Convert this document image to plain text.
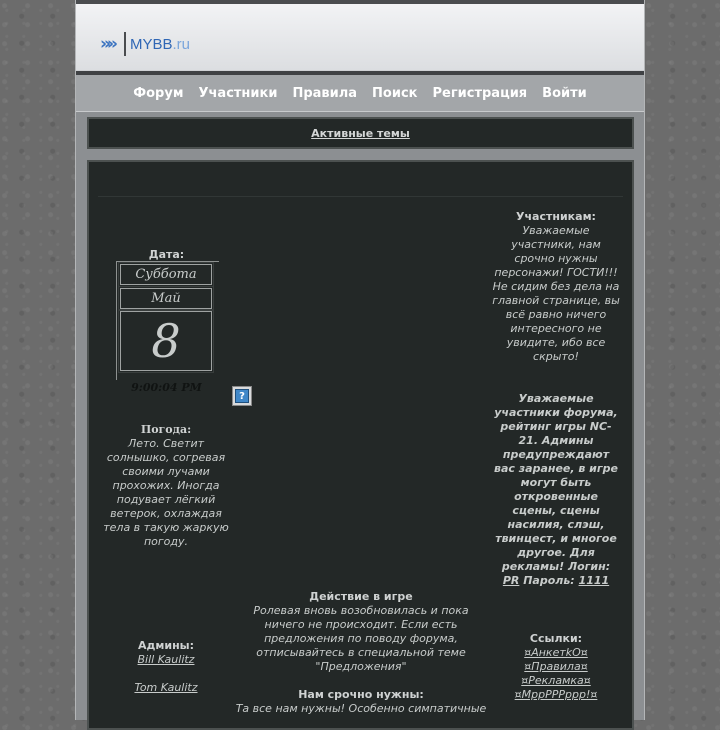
» » MYBB.ru
Форум Участники Правила Поиск Регистрация Войти
Активные темы
Дата:
Суббота
Май
8
9:00:04 PM
?
Погода:
Лето. Светит солнышко, согревая своими лучами прохожих. Иногда подувает лёгкий ветерок, охлаждая тела в такую жаркую погоду.
Админы:
Bill Kaulitz
Tom Kaulitz
Действие в игре
Ролевая вновь возобновилась и пока ничего не происходит. Если есть предложения по поводу форума, отписывайтесь в специальной теме "Предложения"
Нам срочно нужны:
Та все нам нужны! Особенно симпатичные
Участникам:
Уважаемые участники, нам срочно нужны персонажи! ГОСТИ!!! Не сидим без дела на главной странице, вы всё равно ничего интересного не увидите, ибо все скрыто!
Уважаемые участники форума, рейтинг игры NC-21. Админы предупреждают вас заранее, в игре могут быть откровенные сцены, сцены насилия, слэш, твинцест, и многое другое. Для рекламы! Логин: PR Пароль: 1111
Ссылки:
¤АнкетkО¤
¤Правила¤
¤Рекламка¤
¤МррРРРррр!¤
